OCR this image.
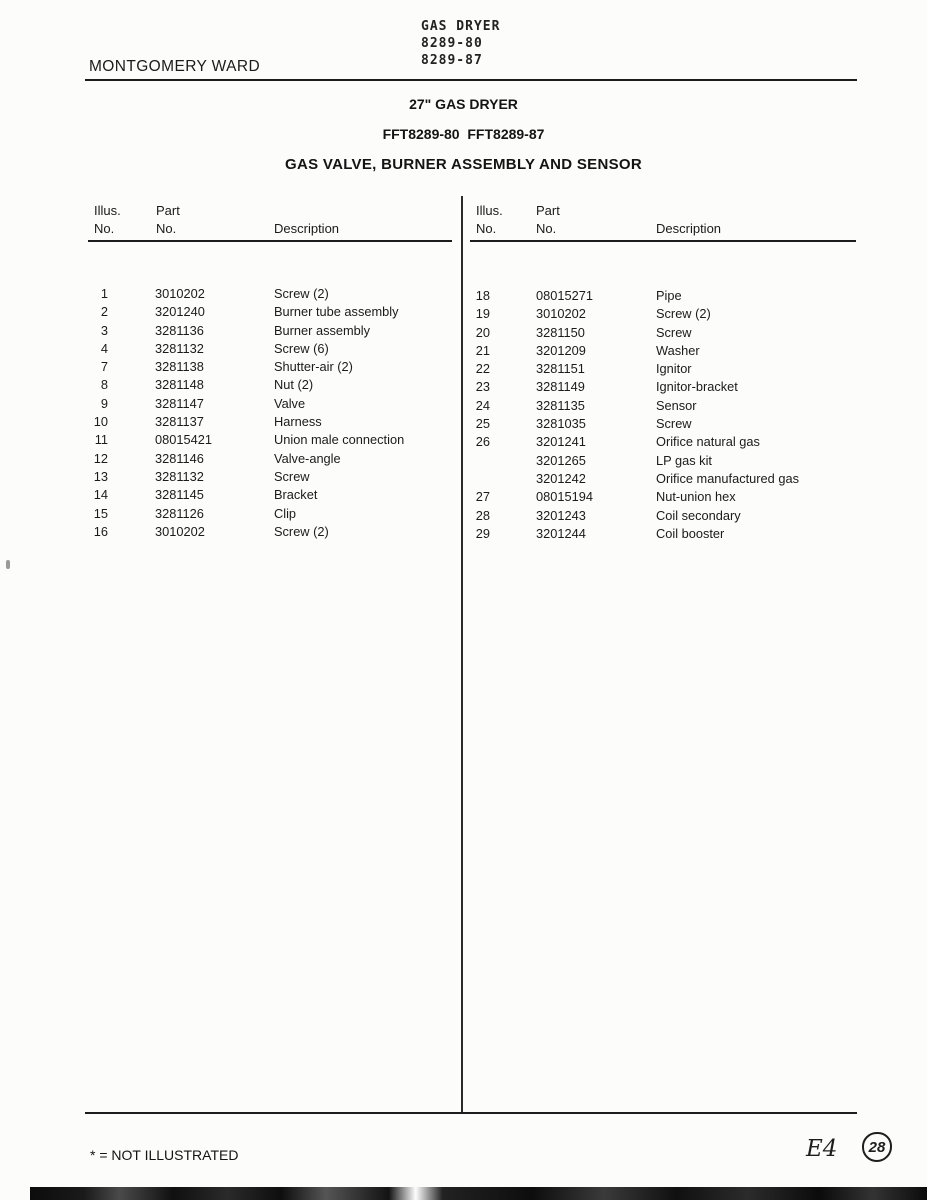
GAS DRYER
8289-80
8289-87
MONTGOMERY WARD
27" GAS DRYER
FFT8289-80  FFT8289-87
GAS VALVE, BURNER ASSEMBLY AND SENSOR
Illus.
No.
Part
No.	Description
Illus.
No.
Part
No.	Description
1	3010202	Screw (2)
2	3201240	Burner tube assembly
3	3281136	Burner assembly
4	3281132	Screw (6)
7	3281138	Shutter-air (2)
8	3281148	Nut (2)
9	3281147	Valve
10	3281137	Harness
11	08015421	Union male connection
12	3281146	Valve-angle
13	3281132	Screw
14	3281145	Bracket
15	3281126	Clip
16	3010202	Screw (2)
18	08015271	Pipe
19	3010202	Screw (2)
20	3281150	Screw
21	3201209	Washer
22	3281151	Ignitor
23	3281149	Ignitor-bracket
24	3281135	Sensor
25	3281035	Screw
26	3201241	Orifice natural gas
3201265	LP gas kit
3201242	Orifice manufactured gas
27	08015194	Nut-union hex
28	3201243	Coil secondary
29	3201244	Coil booster
* = NOT ILLUSTRATED	E4	28
